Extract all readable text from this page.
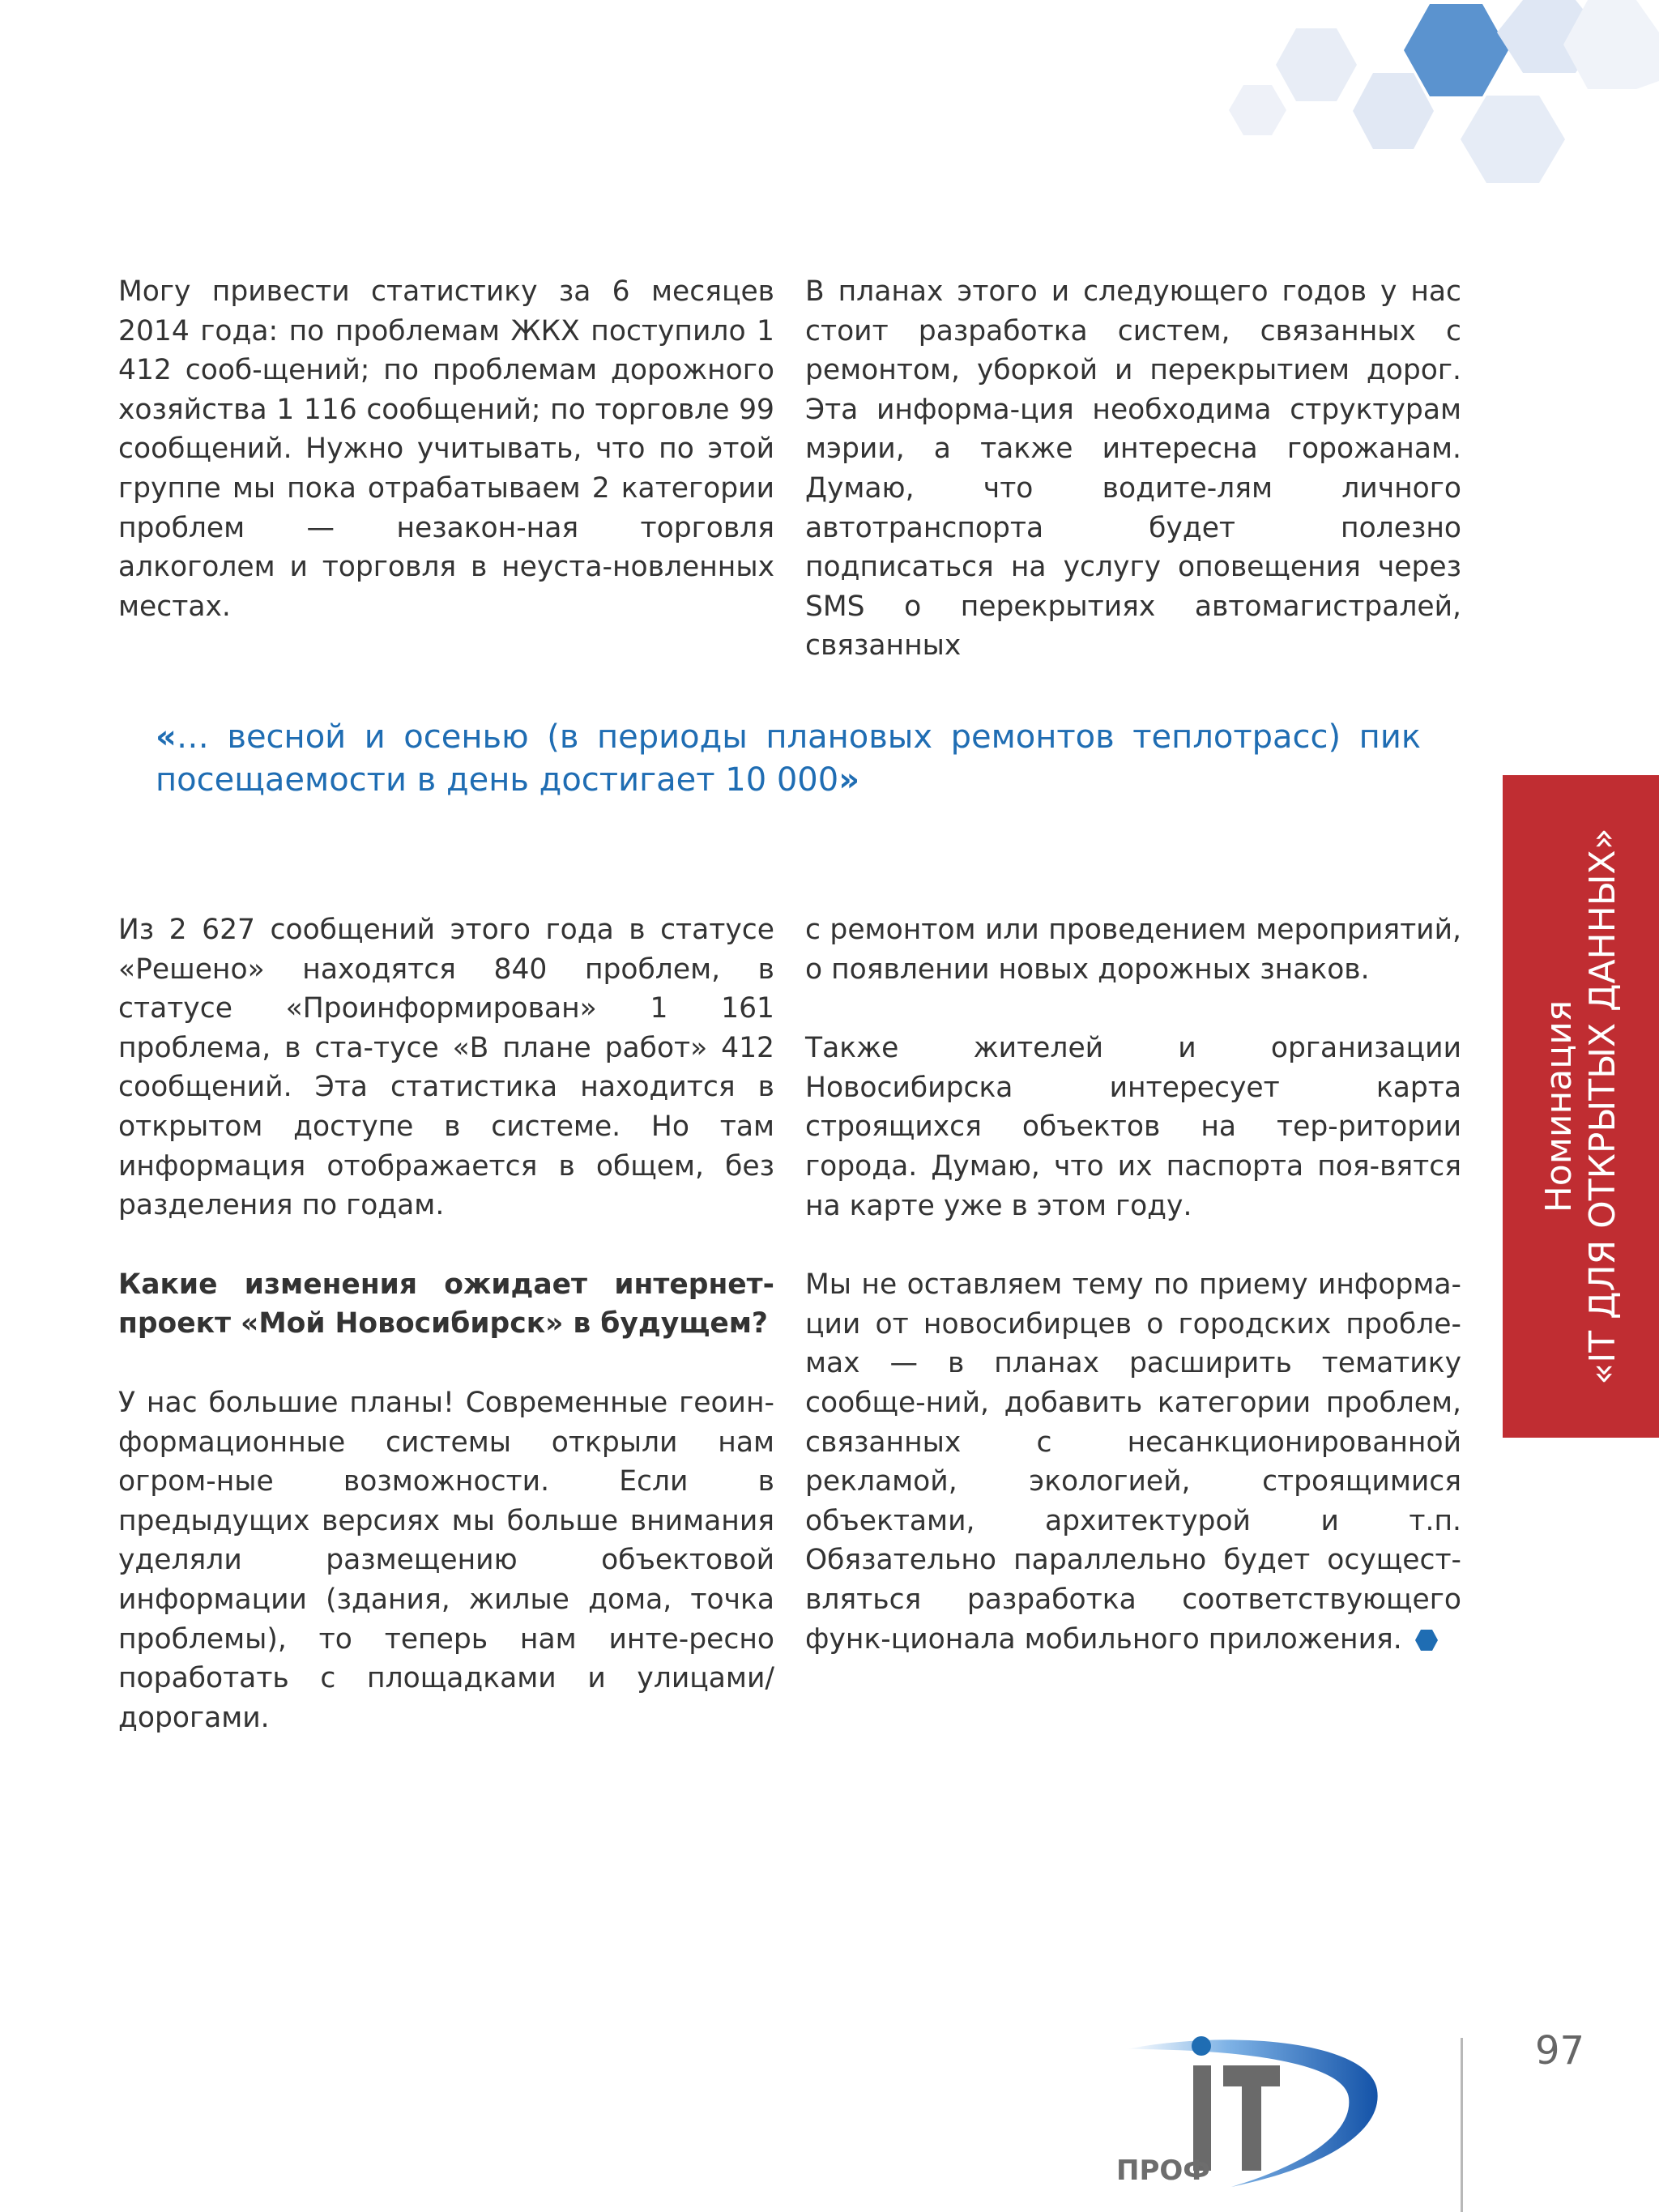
Могу привести статистику за 6 месяцев 2014 года: по проблемам ЖКХ поступило 1 412 сооб-щений; по проблемам дорожного хозяйства 1 116 сообщений; по торговле 99 сообщений. Нужно учитывать, что по этой группе мы пока отрабатываем 2 категории проблем — незакон-ная торговля алкоголем и торговля в неуста-новленных местах.

В планах этого и следующего годов у нас стоит разработка систем, связанных с ремонтом, уборкой и перекрытием дорог. Эта информа-ция необходима структурам мэрии, а также интересна горожанам. Думаю, что водите-лям личного автотранспорта будет полезно подписаться на услугу оповещения через SMS о перекрытиях автомагистралей, связанных

«… весной и осенью (в периоды плановых ремонтов теплотрасс) пик посещаемости в день достигает 10 000»

Из 2 627 сообщений этого года в статусе «Решено» находятся 840 проблем, в статусе «Проинформирован» 1 161 проблема, в ста-тусе «В плане работ» 412 сообщений. Эта статистика находится в открытом доступе в системе. Но там информация отображается в общем, без разделения по годам.

Какие изменения ожидает интернет-проект «Мой Новосибирск» в будущем?

У нас большие планы! Современные геоин-формационные системы открыли нам огром-ные возможности. Если в предыдущих версиях мы больше внимания уделяли размещению объектовой информации (здания, жилые дома, точка проблемы), то теперь нам инте-ресно поработать с площадками и улицами/ дорогами.

с ремонтом или проведением мероприятий, о появлении новых дорожных знаков.

Также жителей и организации Новосибирска интересует карта строящихся объектов на тер-ритории города. Думаю, что их паспорта поя-вятся на карте уже в этом году.

Мы не оставляем тему по приему информа-ции от новосибирцев о городских пробле-мах — в планах расширить тематику сообще-ний, добавить категории проблем, связанных с несанкционированной рекламой, экологией, строящимися объектами, архитектурой и т.п. Обязательно параллельно будет осущест-вляться разработка соответствующего функ-ционала мобильного приложения.

Номинация «IT ДЛЯ ОТКРЫТЫХ ДАННЫХ»
ПРОФ
97
